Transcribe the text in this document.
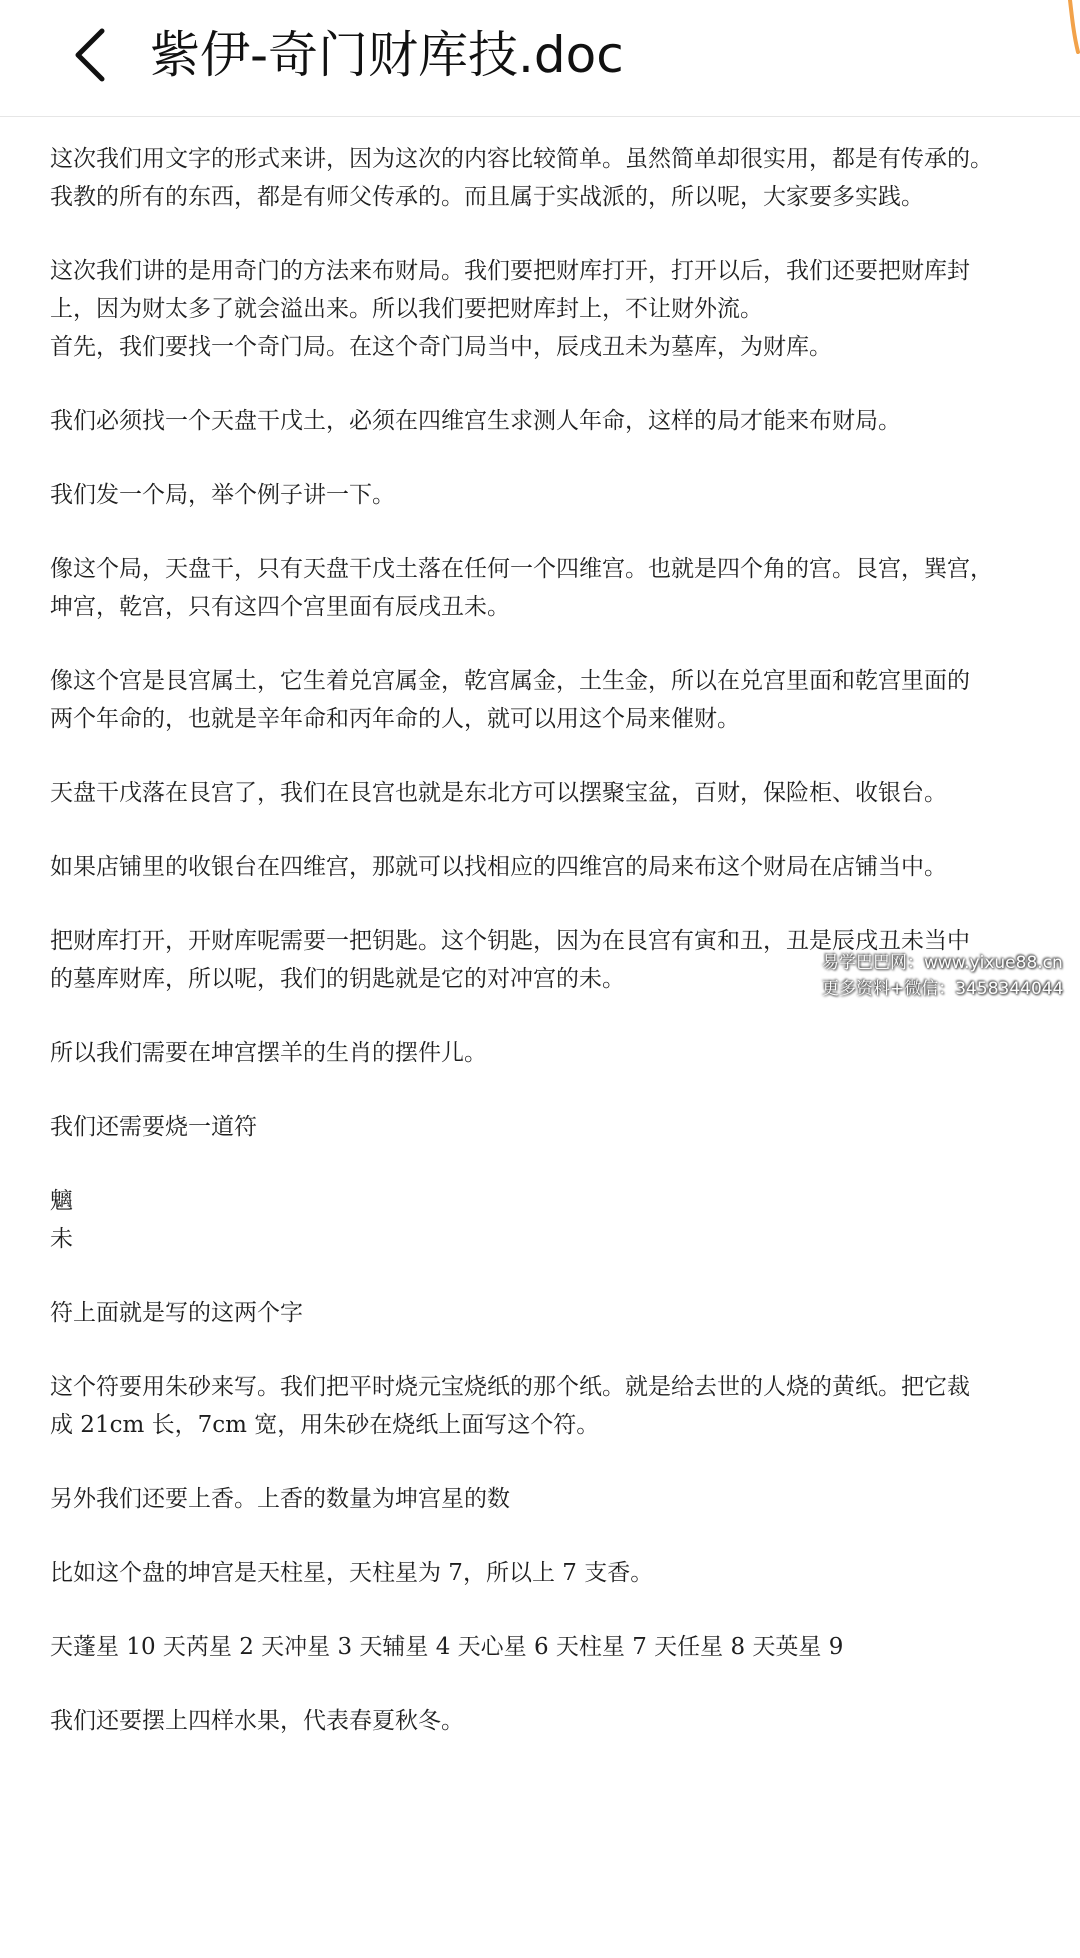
紫伊-奇门财库技.doc

这次我们用文字的形式来讲，因为这次的内容比较简单。虽然简单却很实用，都是有传承的。

我教的所有的东西，都是有师父传承的。而且属于实战派的，所以呢，大家要多实践。

这次我们讲的是用奇门的方法来布财局。我们要把财库打开，打开以后，我们还要把财库封

上，因为财太多了就会溢出来。所以我们要把财库封上，不让财外流。

首先，我们要找一个奇门局。在这个奇门局当中，辰戌丑未为墓库，为财库。

我们必须找一个天盘干戊土，必须在四维宫生求测人年命，这样的局才能来布财局。

我们发一个局，举个例子讲一下。

像这个局，天盘干，只有天盘干戊土落在任何一个四维宫。也就是四个角的宫。艮宫，巽宫，

坤宫，乾宫，只有这四个宫里面有辰戌丑未。

像这个宫是艮宫属土，它生着兑宫属金，乾宫属金，土生金，所以在兑宫里面和乾宫里面的

两个年命的，也就是辛年命和丙年命的人，就可以用这个局来催财。

天盘干戊落在艮宫了，我们在艮宫也就是东北方可以摆聚宝盆，百财，保险柜、收银台。

如果店铺里的收银台在四维宫，那就可以找相应的四维宫的局来布这个财局在店铺当中。

把财库打开，开财库呢需要一把钥匙。这个钥匙，因为在艮宫有寅和丑，丑是辰戌丑未当中

的墓库财库，所以呢，我们的钥匙就是它的对冲宫的未。

所以我们需要在坤宫摆羊的生肖的摆件儿。

我们还需要烧一道符

魑

未

符上面就是写的这两个字

这个符要用朱砂来写。我们把平时烧元宝烧纸的那个纸。就是给去世的人烧的黄纸。把它裁

成 21cm 长，7cm 宽，用朱砂在烧纸上面写这个符。

另外我们还要上香。上香的数量为坤宫星的数

比如这个盘的坤宫是天柱星，天柱星为 7，所以上 7 支香。

天蓬星 10 天芮星 2 天冲星 3 天辅星 4 天心星 6 天柱星 7 天任星 8 天英星 9

我们还要摆上四样水果，代表春夏秋冬。

易学巴巴网：www.yixue88.cn
更多资料+微信：3458344044
